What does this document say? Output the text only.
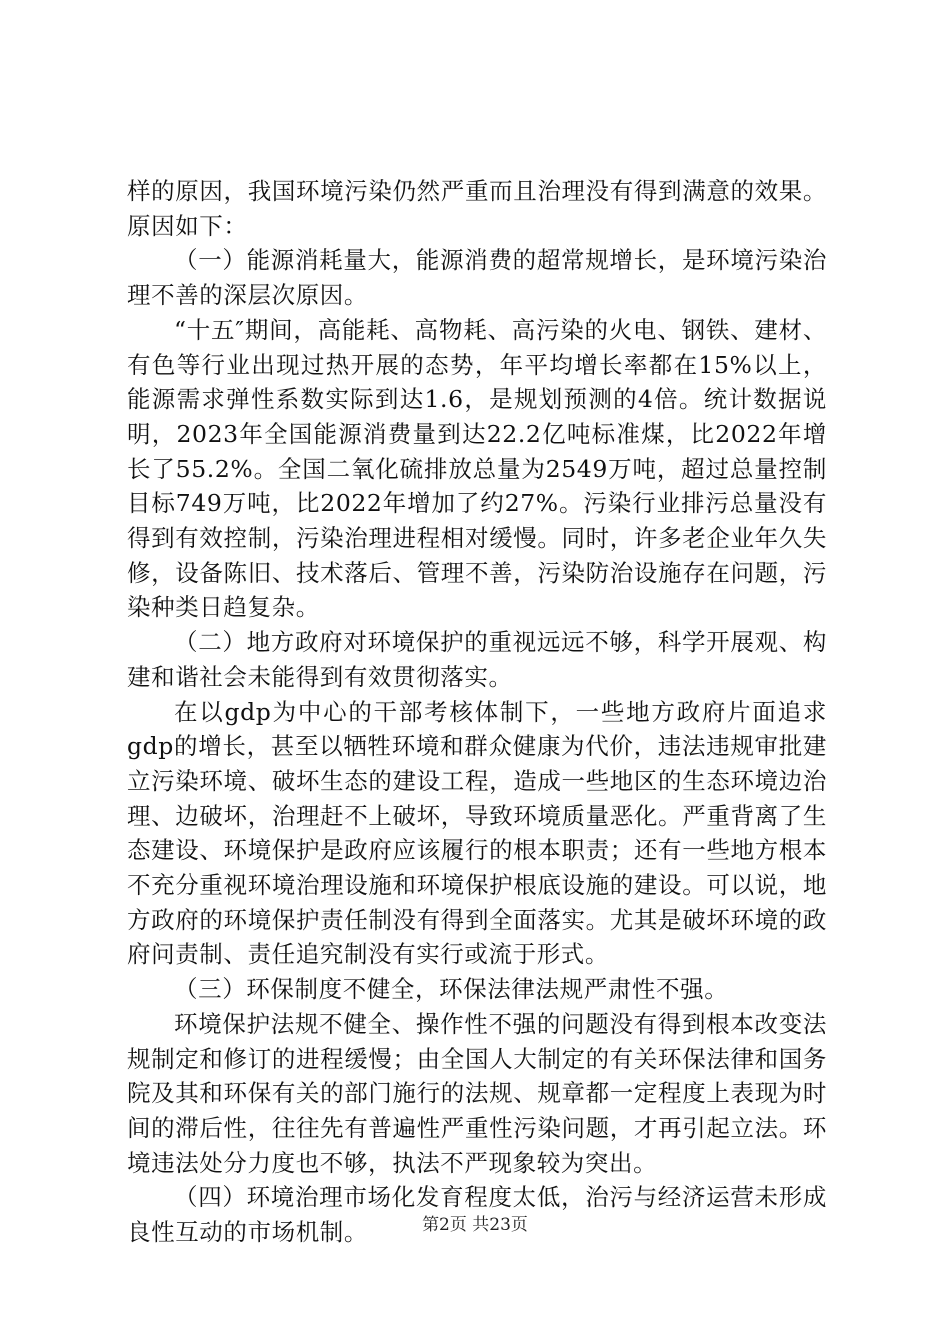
样的原因，我国环境污染仍然严重而且治理没有得到满意的效果。原因如下：

（一）能源消耗量大，能源消费的超常规增长，是环境污染治理不善的深层次原因。

“十五″期间，高能耗、高物耗、高污染的火电、钢铁、建材、有色等行业出现过热开展的态势，年平均增长率都在15%以上，能源需求弹性系数实际到达1.6，是规划预测的4倍。统计数据说明，2023年全国能源消费量到达22.2亿吨标准煤，比2022年增长了55.2%。全国二氧化硫排放总量为2549万吨，超过总量控制目标749万吨，比2022年增加了约27%。污染行业排污总量没有得到有效控制，污染治理进程相对缓慢。同时，许多老企业年久失修，设备陈旧、技术落后、管理不善，污染防治设施存在问题，污染种类日趋复杂。

（二）地方政府对环境保护的重视远远不够，科学开展观、构建和谐社会未能得到有效贯彻落实。

在以gdp为中心的干部考核体制下，一些地方政府片面追求gdp的增长，甚至以牺牲环境和群众健康为代价，违法违规审批建立污染环境、破坏生态的建设工程，造成一些地区的生态环境边治理、边破坏，治理赶不上破坏，导致环境质量恶化。严重背离了生态建设、环境保护是政府应该履行的根本职责；还有一些地方根本不充分重视环境治理设施和环境保护根底设施的建设。可以说，地方政府的环境保护责任制没有得到全面落实。尤其是破坏环境的政府问责制、责任追究制没有实行或流于形式。

（三）环保制度不健全，环保法律法规严肃性不强。

环境保护法规不健全、操作性不强的问题没有得到根本改变法规制定和修订的进程缓慢；由全国人大制定的有关环保法律和国务院及其和环保有关的部门施行的法规、规章都一定程度上表现为时间的滞后性，往往先有普遍性严重性污染问题，才再引起立法。环境违法处分力度也不够，执法不严现象较为突出。

（四）环境治理市场化发育程度太低，治污与经济运营未形成良性互动的市场机制。	第2页 共23页
